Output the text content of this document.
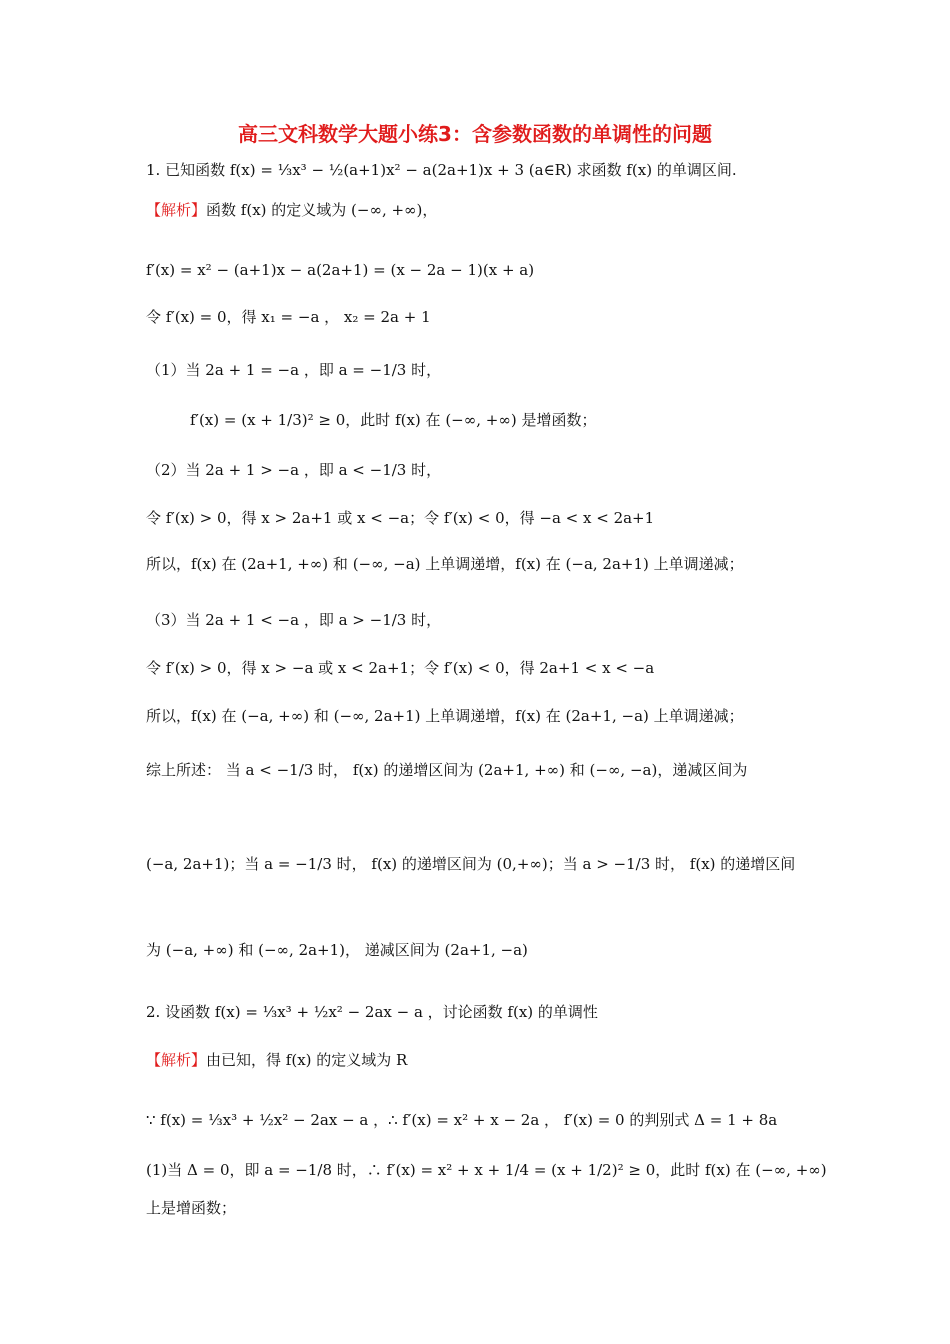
高三文科数学大题小练3：含参数函数的单调性的问题
1. 已知函数 f(x) = ⅓x³ − ½(a+1)x² − a(2a+1)x + 3 (a∈R) 求函数 f(x) 的单调区间.
【解析】函数 f(x) 的定义域为 (−∞, +∞)，
f′(x) = x² − (a+1)x − a(2a+1) = (x − 2a − 1)(x + a)
令 f′(x) = 0，得 x₁ = −a ， x₂ = 2a + 1
（1）当 2a + 1 = −a ，即 a = −1/3 时，
f′(x) = (x + 1/3)² ≥ 0，此时 f(x) 在 (−∞, +∞) 是增函数；
（2）当 2a + 1 > −a ，即 a < −1/3 时，
令 f′(x) > 0，得 x > 2a+1 或 x < −a；令 f′(x) < 0，得 −a < x < 2a+1
所以，f(x) 在 (2a+1, +∞) 和 (−∞, −a) 上单调递增，f(x) 在 (−a, 2a+1) 上单调递减；
（3）当 2a + 1 < −a ，即 a > −1/3 时，
令 f′(x) > 0，得 x > −a 或 x < 2a+1；令 f′(x) < 0，得 2a+1 < x < −a
所以，f(x) 在 (−a, +∞) 和 (−∞, 2a+1) 上单调递增，f(x) 在 (2a+1, −a) 上单调递减；
综上所述： 当 a < −1/3 时， f(x) 的递增区间为 (2a+1, +∞) 和 (−∞, −a)，递减区间为
(−a, 2a+1)；当 a = −1/3 时， f(x) 的递增区间为 (0,+∞)；当 a > −1/3 时， f(x) 的递增区间
为 (−a, +∞) 和 (−∞, 2a+1)， 递减区间为 (2a+1, −a)
2. 设函数 f(x) = ⅓x³ + ½x² − 2ax − a ，讨论函数 f(x) 的单调性
【解析】由已知，得 f(x) 的定义域为 R
∵ f(x) = ⅓x³ + ½x² − 2ax − a ，∴ f′(x) = x² + x − 2a ， f′(x) = 0 的判别式 Δ = 1 + 8a
(1)当 Δ = 0，即 a = −1/8 时，∴ f′(x) = x² + x + 1/4 = (x + 1/2)² ≥ 0，此时 f(x) 在 (−∞, +∞)
上是增函数；
